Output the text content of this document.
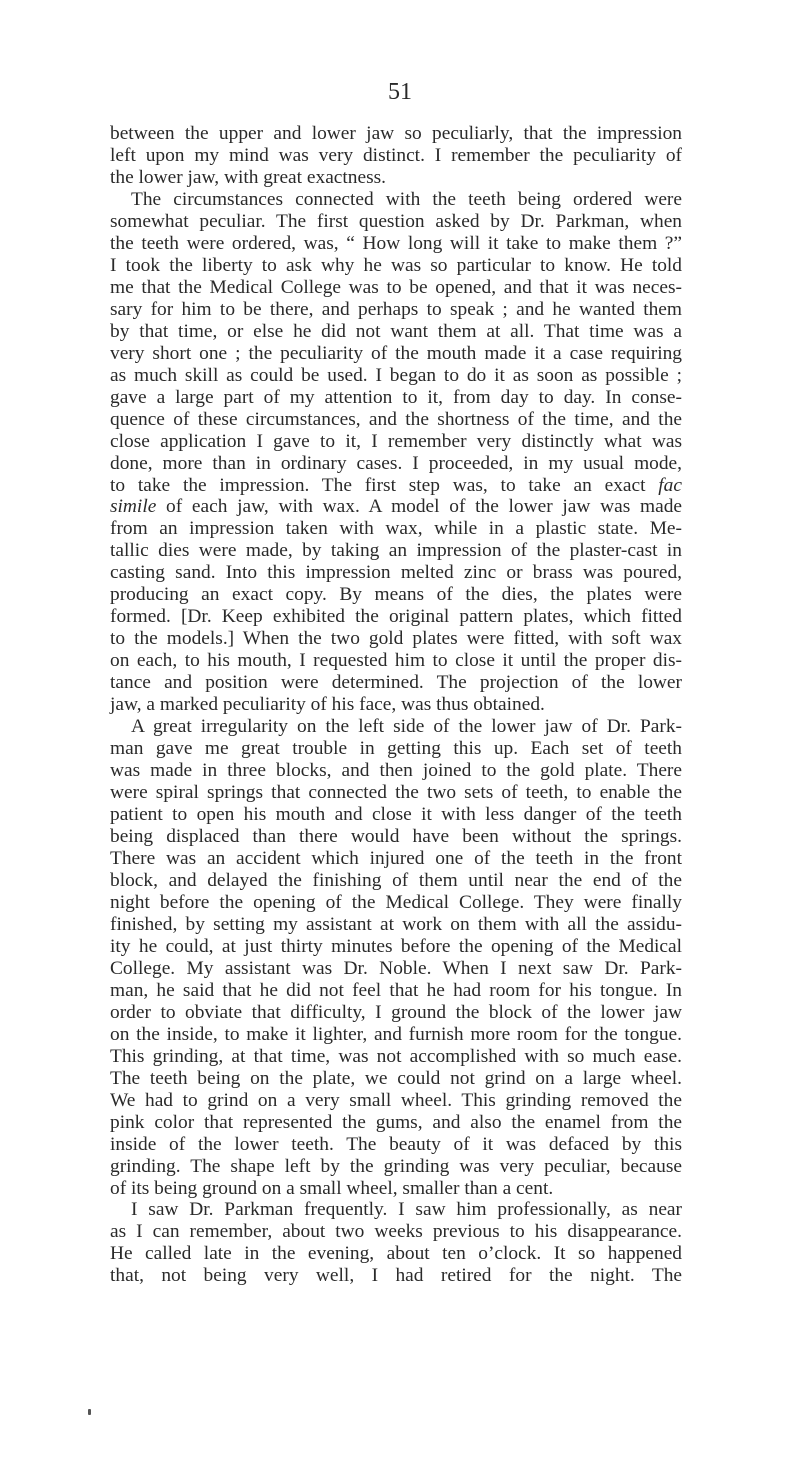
51
between the upper and lower jaw so peculiarly, that the impression
left upon my mind was very distinct. I remember the peculiarity of
the lower jaw, with great exactness.
The circumstances connected with the teeth being ordered were
somewhat peculiar. The first question asked by Dr. Parkman, when
the teeth were ordered, was, “ How long will it take to make them ?”
I took the liberty to ask why he was so particular to know. He told
me that the Medical College was to be opened, and that it was neces-
sary for him to be there, and perhaps to speak ; and he wanted them
by that time, or else he did not want them at all. That time was a
very short one ; the peculiarity of the mouth made it a case requiring
as much skill as could be used. I began to do it as soon as possible ;
gave a large part of my attention to it, from day to day. In conse-
quence of these circumstances, and the shortness of the time, and the
close application I gave to it, I remember very distinctly what was
done, more than in ordinary cases. I proceeded, in my usual mode,
to take the impression. The first step was, to take an exact fac
simile of each jaw, with wax. A model of the lower jaw was made
from an impression taken with wax, while in a plastic state. Me-
tallic dies were made, by taking an impression of the plaster-cast in
casting sand. Into this impression melted zinc or brass was poured,
producing an exact copy. By means of the dies, the plates were
formed. [Dr. Keep exhibited the original pattern plates, which fitted
to the models.] When the two gold plates were fitted, with soft wax
on each, to his mouth, I requested him to close it until the proper dis-
tance and position were determined. The projection of the lower
jaw, a marked peculiarity of his face, was thus obtained.
A great irregularity on the left side of the lower jaw of Dr. Park-
man gave me great trouble in getting this up. Each set of teeth
was made in three blocks, and then joined to the gold plate. There
were spiral springs that connected the two sets of teeth, to enable the
patient to open his mouth and close it with less danger of the teeth
being displaced than there would have been without the springs.
There was an accident which injured one of the teeth in the front
block, and delayed the finishing of them until near the end of the
night before the opening of the Medical College. They were finally
finished, by setting my assistant at work on them with all the assidu-
ity he could, at just thirty minutes before the opening of the Medical
College. My assistant was Dr. Noble. When I next saw Dr. Park-
man, he said that he did not feel that he had room for his tongue. In
order to obviate that difficulty, I ground the block of the lower jaw
on the inside, to make it lighter, and furnish more room for the tongue.
This grinding, at that time, was not accomplished with so much ease.
The teeth being on the plate, we could not grind on a large wheel.
We had to grind on a very small wheel. This grinding removed the
pink color that represented the gums, and also the enamel from the
inside of the lower teeth. The beauty of it was defaced by this
grinding. The shape left by the grinding was very peculiar, because
of its being ground on a small wheel, smaller than a cent.
I saw Dr. Parkman frequently. I saw him professionally, as near
as I can remember, about two weeks previous to his disappearance.
He called late in the evening, about ten o’clock. It so happened
that, not being very well, I had retired for the night. The
